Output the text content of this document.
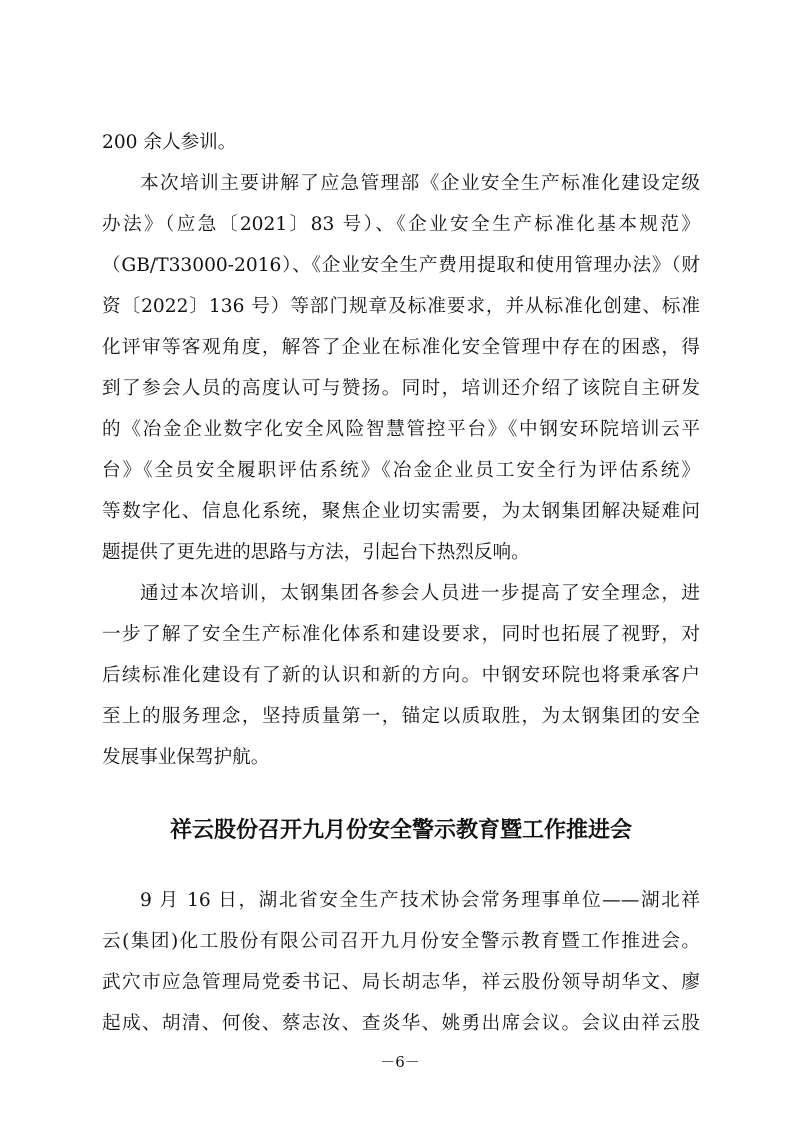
200 余人参训。
本次培训主要讲解了应急管理部《企业安全生产标准化建设定级
办法》（应急〔2021〕83 号）、《企业安全生产标准化基本规范》
（GB/T33000-2016）、《企业安全生产费用提取和使用管理办法》（财
资〔2022〕136 号）等部门规章及标准要求，并从标准化创建、标准
化评审等客观角度，解答了企业在标准化安全管理中存在的困惑，得
到了参会人员的高度认可与赞扬。同时，培训还介绍了该院自主研发
的《冶金企业数字化安全风险智慧管控平台》《中钢安环院培训云平
台》《全员安全履职评估系统》《冶金企业员工安全行为评估系统》
等数字化、信息化系统，聚焦企业切实需要，为太钢集团解决疑难问
题提供了更先进的思路与方法，引起台下热烈反响。
通过本次培训，太钢集团各参会人员进一步提高了安全理念，进
一步了解了安全生产标准化体系和建设要求，同时也拓展了视野，对
后续标准化建设有了新的认识和新的方向。中钢安环院也将秉承客户
至上的服务理念，坚持质量第一，锚定以质取胜，为太钢集团的安全
发展事业保驾护航。
祥云股份召开九月份安全警示教育暨工作推进会
9 月 16 日，湖北省安全生产技术协会常务理事单位——湖北祥
云(集团)化工股份有限公司召开九月份安全警示教育暨工作推进会。
武穴市应急管理局党委书记、局长胡志华，祥云股份领导胡华文、廖
起成、胡清、何俊、蔡志汝、查炎华、姚勇出席会议。会议由祥云股
－6－
